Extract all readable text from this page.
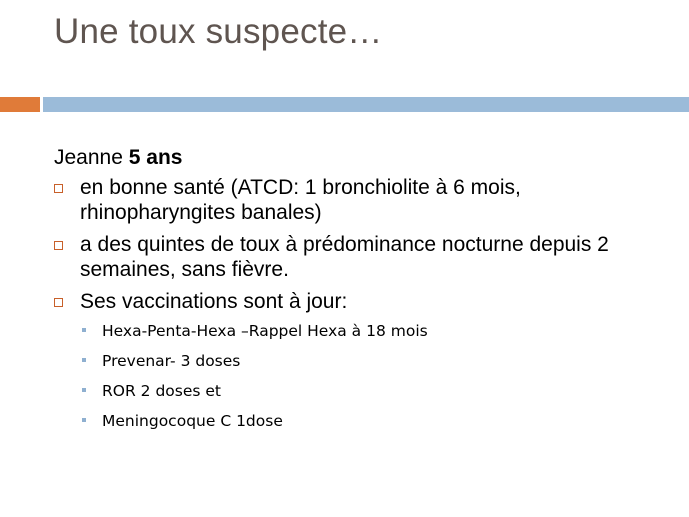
Une toux suspecte…
Jeanne 5 ans
en bonne santé (ATCD: 1 bronchiolite à 6 mois, rhinopharyngites banales)
a des quintes de toux à prédominance nocturne depuis 2 semaines, sans fièvre.
Ses vaccinations sont à jour:
Hexa-Penta-Hexa –Rappel Hexa à 18 mois
Prevenar- 3 doses
ROR 2 doses et
Meningocoque C 1dose
